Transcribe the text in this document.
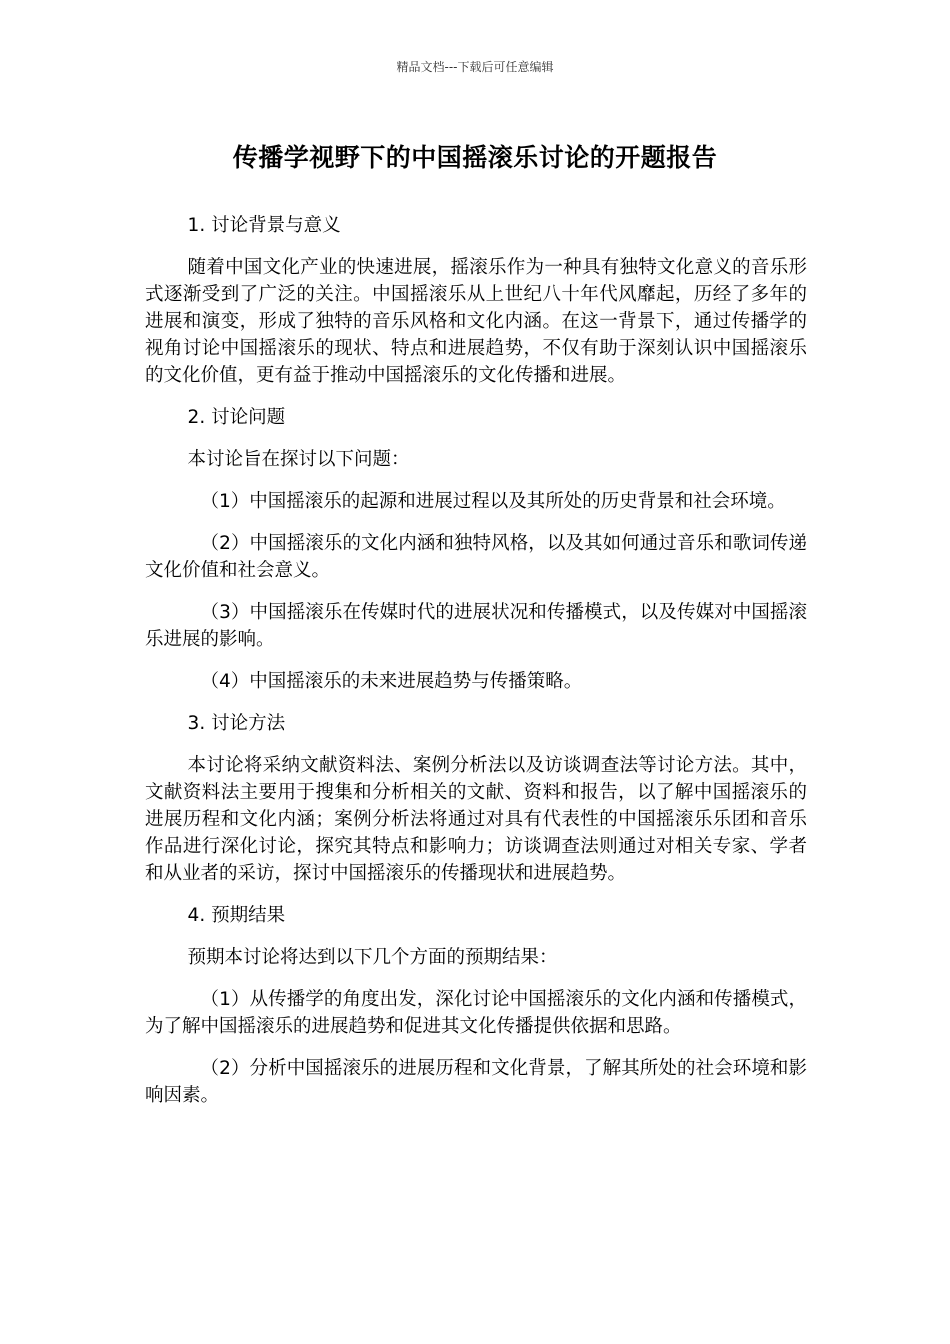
精品文档---下载后可任意编辑
传播学视野下的中国摇滚乐讨论的开题报告

1. 讨论背景与意义

随着中国文化产业的快速进展，摇滚乐作为一种具有独特文化意义的音乐形式逐渐受到了广泛的关注。中国摇滚乐从上世纪八十年代风靡起，历经了多年的进展和演变，形成了独特的音乐风格和文化内涵。在这一背景下，通过传播学的视角讨论中国摇滚乐的现状、特点和进展趋势，不仅有助于深刻认识中国摇滚乐的文化价值，更有益于推动中国摇滚乐的文化传播和进展。

2. 讨论问题

本讨论旨在探讨以下问题：

（1）中国摇滚乐的起源和进展过程以及其所处的历史背景和社会环境。

（2）中国摇滚乐的文化内涵和独特风格，以及其如何通过音乐和歌词传递文化价值和社会意义。

（3）中国摇滚乐在传媒时代的进展状况和传播模式，以及传媒对中国摇滚乐进展的影响。

（4）中国摇滚乐的未来进展趋势与传播策略。

3. 讨论方法

本讨论将采纳文献资料法、案例分析法以及访谈调查法等讨论方法。其中，文献资料法主要用于搜集和分析相关的文献、资料和报告，以了解中国摇滚乐的进展历程和文化内涵；案例分析法将通过对具有代表性的中国摇滚乐乐团和音乐作品进行深化讨论，探究其特点和影响力；访谈调查法则通过对相关专家、学者和从业者的采访，探讨中国摇滚乐的传播现状和进展趋势。

4. 预期结果

预期本讨论将达到以下几个方面的预期结果：

（1）从传播学的角度出发，深化讨论中国摇滚乐的文化内涵和传播模式，为了解中国摇滚乐的进展趋势和促进其文化传播提供依据和思路。

（2）分析中国摇滚乐的进展历程和文化背景，了解其所处的社会环境和影响因素。
